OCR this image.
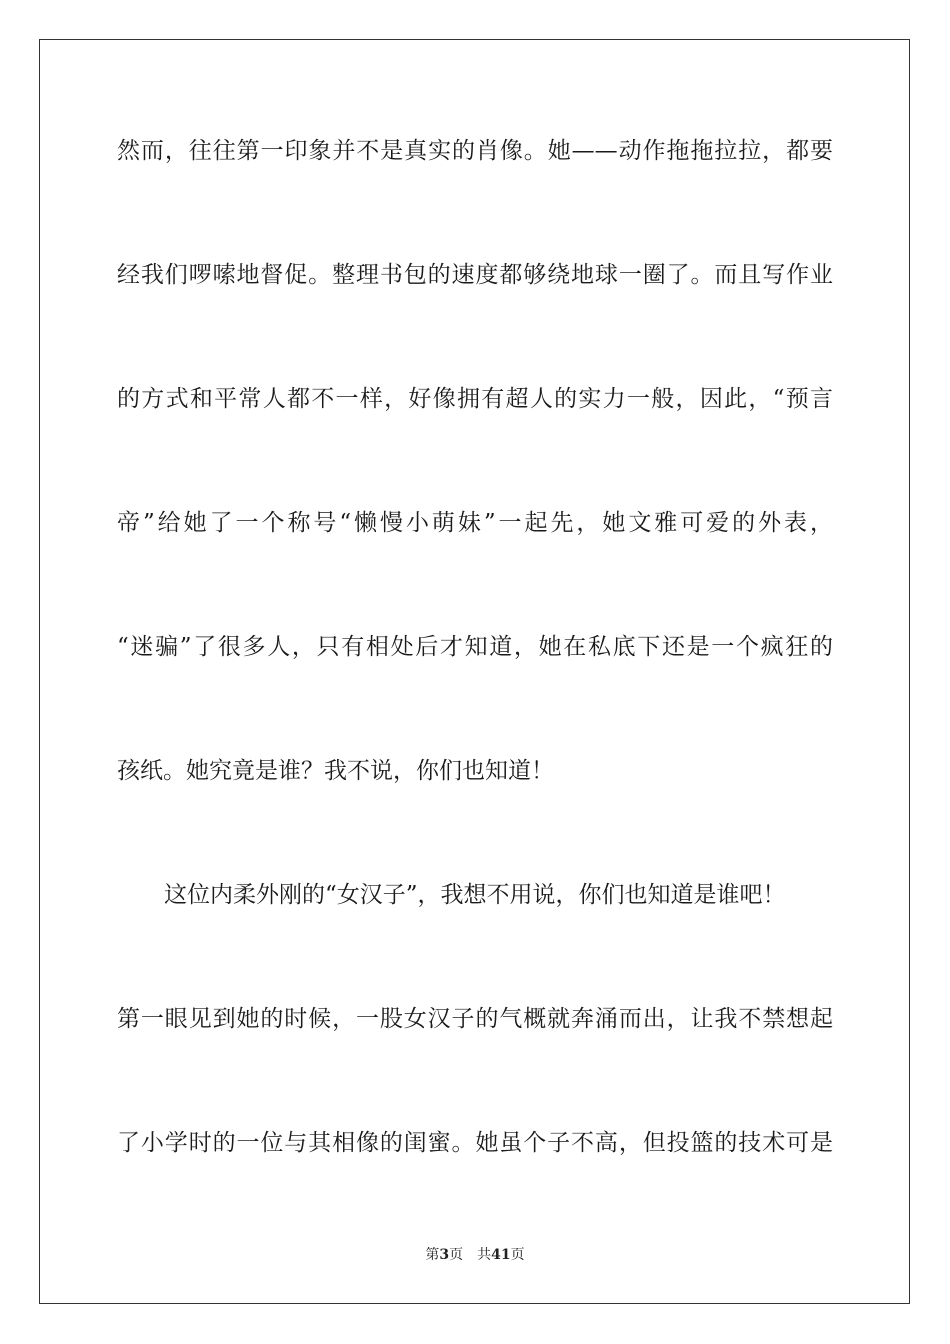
然而，往往第一印象并不是真实的肖像。她——动作拖拖拉拉，都要
经我们啰嗦地督促。整理书包的速度都够绕地球一圈了。而且写作业
的方式和平常人都不一样，好像拥有超人的实力一般，因此，“预言
帝”给她了一个称号“懒慢小萌妹”一起先，她文雅可爱的外表，
“迷骗”了很多人，只有相处后才知道，她在私底下还是一个疯狂的
孩纸。她究竟是谁？我不说，你们也知道！
这位内柔外刚的“女汉子”，我想不用说，你们也知道是谁吧！
第一眼见到她的时候，一股女汉子的气概就奔涌而出，让我不禁想起
了小学时的一位与其相像的闺蜜。她虽个子不高，但投篮的技术可是
第3页 共41页
